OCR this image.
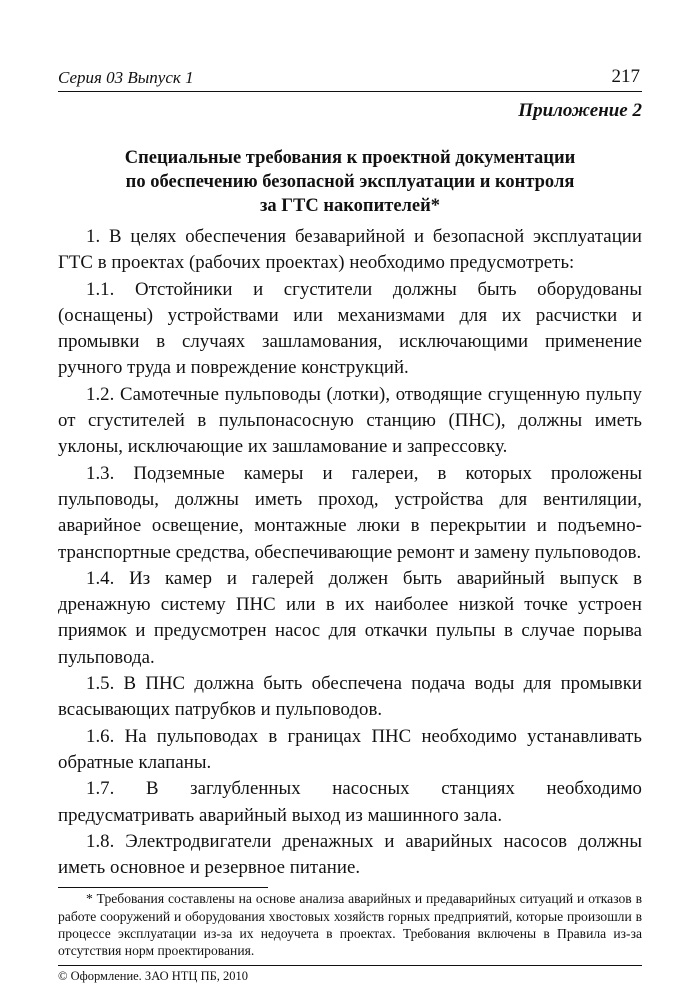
Серия 03 Выпуск 1	217
Приложение 2
Специальные требования к проектной документации
по обеспечению безопасной эксплуатации и контроля
за ГТС накопителей*

1. В целях обеспечения безаварийной и безопасной эксплуатации ГТС в проектах (рабочих проектах) необходимо предусмотреть:

1.1. Отстойники и сгустители должны быть оборудованы (оснащены) устройствами или механизмами для их расчистки и промывки в случаях зашламования, исключающими применение ручного труда и повреждение конструкций.

1.2. Самотечные пульповоды (лотки), отводящие сгущенную пульпу от сгустителей в пульпонасосную станцию (ПНС), должны иметь уклоны, исключающие их зашламование и запрессовку.

1.3. Подземные камеры и галереи, в которых проложены пульповоды, должны иметь проход, устройства для вентиляции, аварийное освещение, монтажные люки в перекрытии и подъемно-транспортные средства, обеспечивающие ремонт и замену пульповодов.

1.4. Из камер и галерей должен быть аварийный выпуск в дренажную систему ПНС или в их наиболее низкой точке устроен приямок и предусмотрен насос для откачки пульпы в случае порыва пульповода.

1.5. В ПНС должна быть обеспечена подача воды для промывки всасывающих патрубков и пульповодов.

1.6. На пульповодах в границах ПНС необходимо устанавливать обратные клапаны.

1.7. В заглубленных насосных станциях необходимо предусматривать аварийный выход из машинного зала.

1.8. Электродвигатели дренажных и аварийных насосов должны иметь основное и резервное питание.

* Требования составлены на основе анализа аварийных и предаварийных ситуаций и отказов в работе сооружений и оборудования хвостовых хозяйств горных предприятий, которые произошли в процессе эксплуатации из-за их недоучета в проектах. Требования включены в Правила из-за отсутствия норм проектирования.
© Оформление. ЗАО НТЦ ПБ, 2010
